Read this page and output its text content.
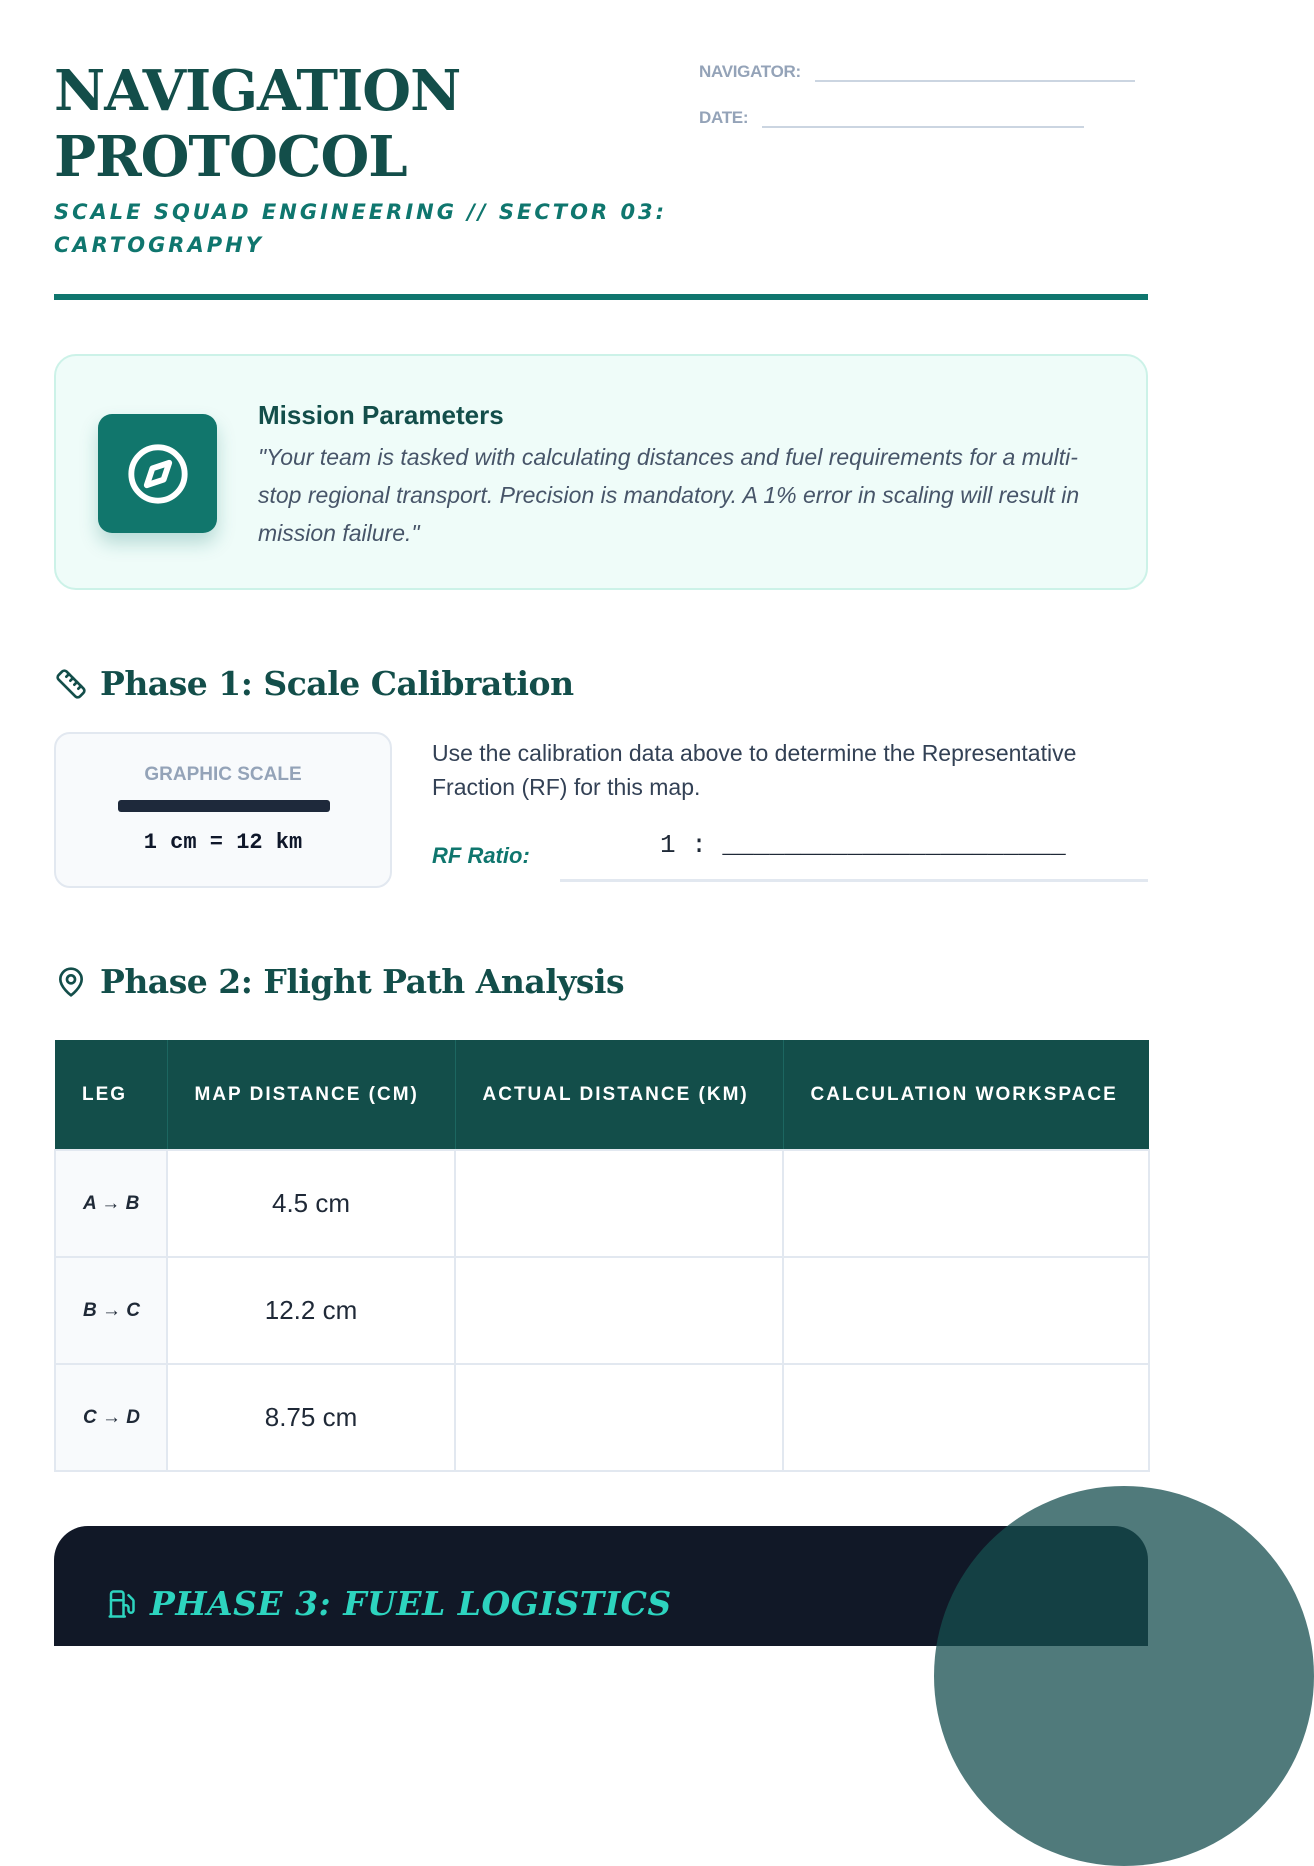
NAVIGATION
PROTOCOL
SCALE SQUAD ENGINEERING // SECTOR 03: CARTOGRAPHY
NAVIGATOR:
DATE:
Mission Parameters
"Your team is tasked with calculating distances and fuel requirements for a multi-stop regional transport. Precision is mandatory. A 1% error in scaling will result in mission failure."
Phase 1: Scale Calibration
GRAPHIC SCALE
1 cm = 12 km
Use the calibration data above to determine the Representative Fraction (RF) for this map.
RF Ratio:	1 : ______________________
Phase 2: Flight Path Analysis
LEG	MAP DISTANCE (CM)	ACTUAL DISTANCE (KM)	CALCULATION WORKSPACE
A → B	4.5 cm		
B → C	12.2 cm		
C → D	8.75 cm		
PHASE 3: FUEL LOGISTICS
